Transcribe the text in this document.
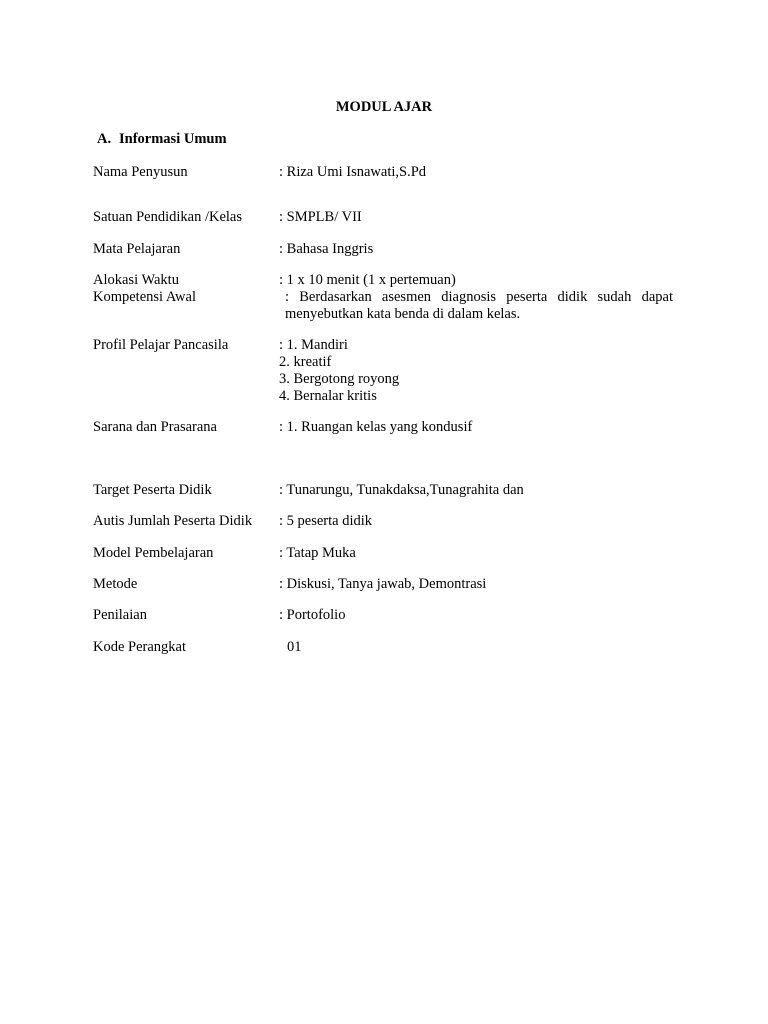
MODUL AJAR
A. Informasi Umum
Nama Penyusun	: Riza Umi Isnawati,S.Pd
Satuan Pendidikan /Kelas	: SMPLB/ VII
Mata Pelajaran	: Bahasa Inggris
Alokasi Waktu	: 1 x 10 menit (1 x pertemuan)
Kompetensi Awal	: Berdasarkan asesmen diagnosis peserta didik sudah dapat menyebutkan kata benda di dalam kelas.
Profil Pelajar Pancasila	: 1. Mandiri
2. kreatif
3. Bergotong royong
4. Bernalar kritis
Sarana dan Prasarana	: 1. Ruangan kelas yang kondusif
Target Peserta Didik	: Tunarungu, Tunakdaksa,Tunagrahita dan
Autis Jumlah Peserta Didik	: 5 peserta didik
Model Pembelajaran	: Tatap Muka
Metode	: Diskusi, Tanya jawab, Demontrasi
Penilaian	: Portofolio
Kode Perangkat	01
